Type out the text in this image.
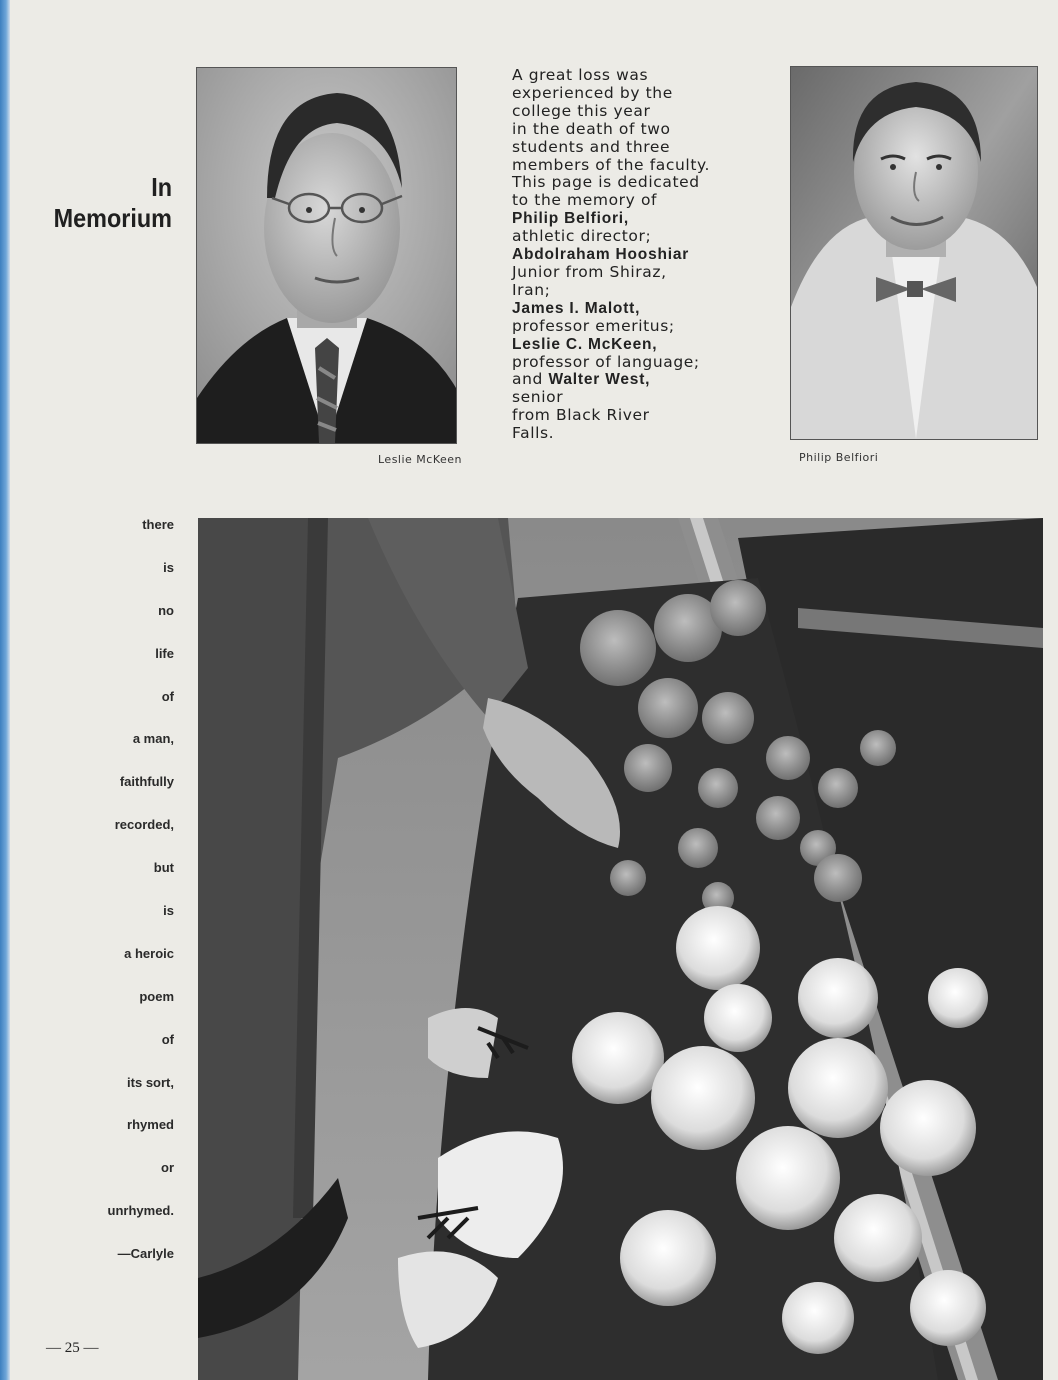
In
Memorium
Leslie McKeen
A great loss was
experienced by the
college this year
in the death of two
students and three
members of the faculty.
This page is dedicated
to the memory of
Philip Belfiori,
athletic director;
Abdolraham Hooshiar
Junior from Shiraz,
Iran;
James I. Malott,
professor emeritus;
Leslie C. McKeen,
professor of language;
and Walter West,
senior
from Black River
Falls.
Philip Belfiori
there
is
no
life
of
a man,
faithfully
recorded,
but
is
a heroic
poem
of
its sort,
rhymed
or
unrhymed.
—Carlyle
— 25 —
